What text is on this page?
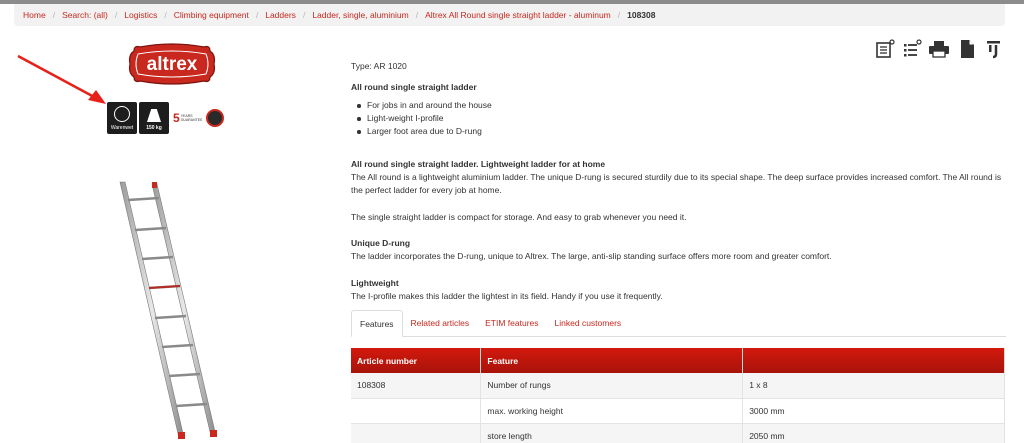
Home / Search: (all) / Logistics / Climbing equipment / Ladders / Ladder, single, aluminium / Altrex All Round single straight ladder - aluminum / 108308
altrex
Warenwet	150 kg
5 YEARS GUARANTEE
Type: AR 1020
All round single straight ladder
For jobs in and around the house
Light-weight I-profile
Larger foot area due to D-rung
All round single straight ladder. Lightweight ladder for at home
The All round is a lightweight aluminium ladder. The unique D-rung is secured sturdily due to its special shape. The deep surface provides increased comfort. The All round is the perfect ladder for every job at home.
The single straight ladder is compact for storage. And easy to grab whenever you need it.
Unique D-rung
The ladder incorporates the D-rung, unique to Altrex. The large, anti-slip standing surface offers more room and greater comfort.
Lightweight
The I-profile makes this ladder the lightest in its field. Handy if you use it frequently.
Features	Related articles	ETIM features	Linked customers
Article number	Feature	
108308	Number of rungs	1 x 8
	max. working height	3000 mm
	store length	2050 mm
